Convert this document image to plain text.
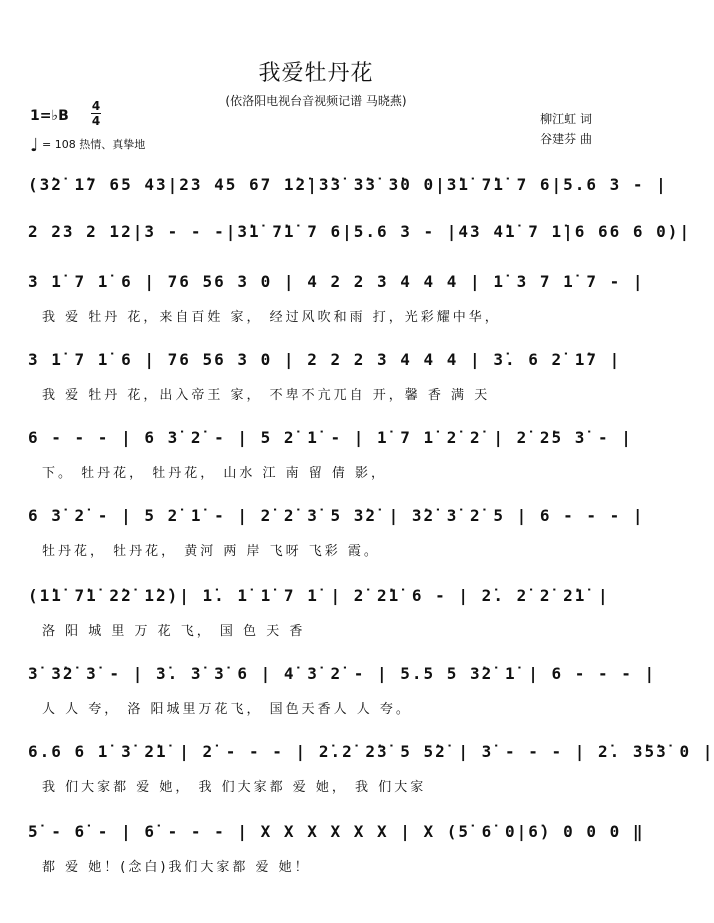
我爱牡丹花
(依洛阳电视台音视频记谱 马晓燕)
1=♭B
4
4
♩ = 108 热情、真挚地
柳江虹 词
谷建芬 曲
(3̇2̇ 1̇7 65 43|23 45 67 1̇2̇|3̇3̇ 3̇3̇ 3̇0 0|3̇1̇ 7̇1̇ 7 6|5.6 3 - |
2 23 2 12|3 - - -|3̇1̇ 7̇1̇ 7 6|5.6 3 - |43 4̇1̇ 7 1̇|6 66 6 0)|
3 1̇ 7 1̇ 6 | 76 56 3 0 | 4 2 2 3 4 4 4 | 1̇ 3 7 1̇ 7 - |
我 爱 牡丹 花，来自百姓 家， 经过风吹和雨 打，光彩耀中华，
3 1̇ 7 1̇ 6 | 76 56 3 0 | 2 2 2 3 4 4 4 | 3̇. 6 2̇ 1̇7 |
我 爱 牡丹 花，出入帝王 家， 不卑不亢兀自 开，馨 香 满 天
6 - - - | 6 3̇ 2̇ - | 5 2̇ 1̇ - | 1̇ 7 1̇ 2̇ 2̇ | 2̇ 2̇5 3̇ - |
下。 牡丹花， 牡丹花， 山水 江 南 留 倩 影，
6 3̇ 2̇ - | 5 2̇ 1̇ - | 2̇ 2̇ 3̇ 5 3̇2̇ | 3̇2̇ 3̇ 2̇ 5 | 6 - - - |
牡丹花， 牡丹花， 黄河 两 岸 飞呀 飞彩 霞。
(1̇1̇ 7̇1̇ 2̇2̇ 1̇2̇)| 1̇. 1̇ 1̇ 7 1̇ | 2̇ 2̇1̇ 6 - | 2̇. 2̇ 2̇ 2̇1̇ |
洛 阳 城 里 万 花 飞， 国 色 天 香
3̇ 3̇2̇ 3̇ - | 3̇. 3̇ 3̇ 6 | 4̇ 3̇ 2̇ - | 5.5 5 3̇2̇ 1̇ | 6 - - - |
人 人 夸， 洛 阳城里万花飞， 国色天香人 人 夸。
6.6 6 1̇ 3̇ 2̇1̇ | 2̇ - - - | 2̇.2̇ 2̇3̇ 5 5̇2̇ | 3̇ - - - | 2̇. 3̇5̇3̇ 0 |
我 们大家都 爱 她， 我 们大家都 爱 她， 我 们大家
5̇ - 6̇ - | 6̇ - - - | X X X X X X | X (5̇ 6̇ 0|6̇) 0 0 0 ‖
都 爱 她！(念白)我们大家都 爱 她！
